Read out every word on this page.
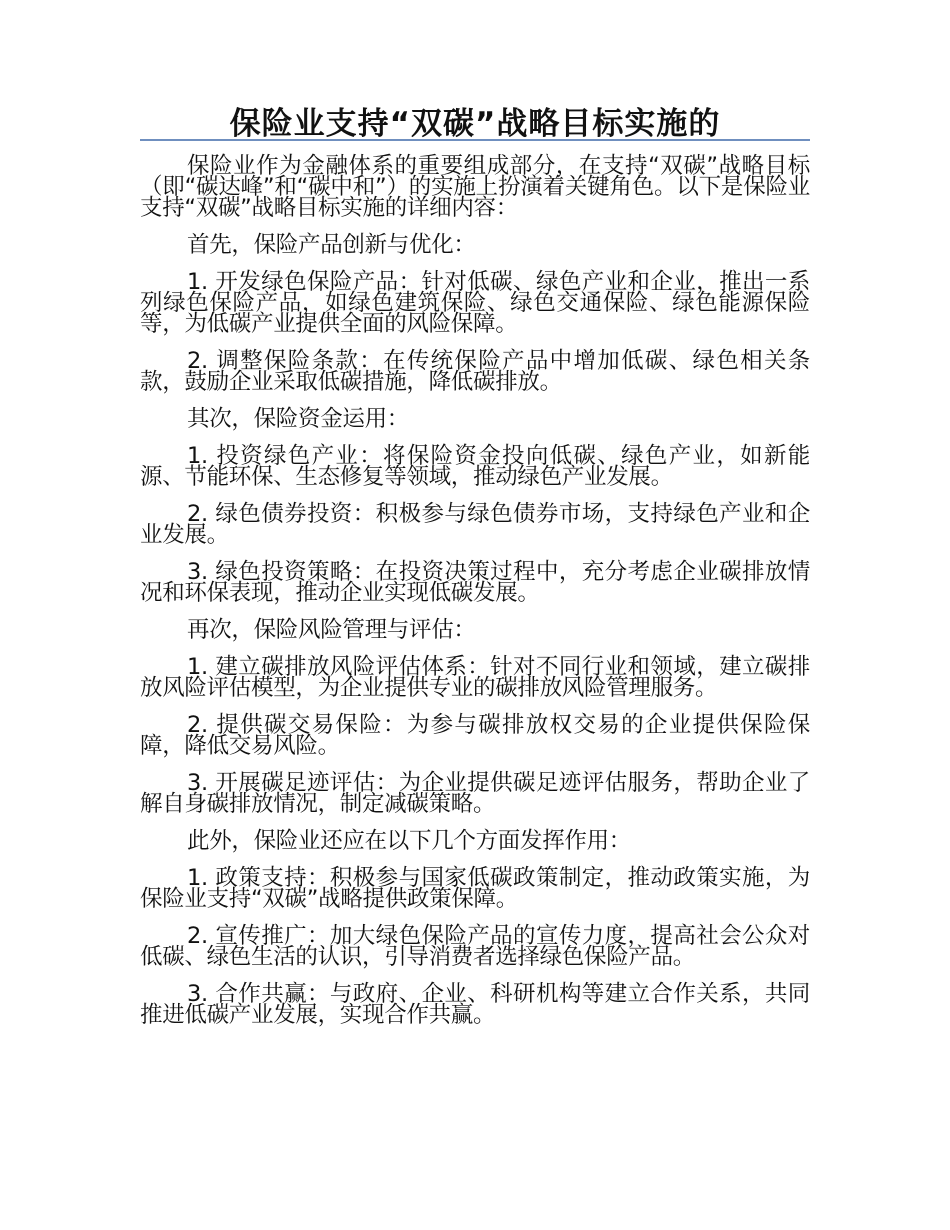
保险业支持“双碳”战略目标实施的

保险业作为金融体系的重要组成部分，在支持“双碳”战略目标（即“碳达峰”和“碳中和”）的实施上扮演着关键角色。以下是保险业支持“双碳”战略目标实施的详细内容：

首先，保险产品创新与优化：

1. 开发绿色保险产品：针对低碳、绿色产业和企业，推出一系列绿色保险产品，如绿色建筑保险、绿色交通保险、绿色能源保险等，为低碳产业提供全面的风险保障。

2. 调整保险条款：在传统保险产品中增加低碳、绿色相关条款，鼓励企业采取低碳措施，降低碳排放。

其次，保险资金运用：

1. 投资绿色产业：将保险资金投向低碳、绿色产业，如新能源、节能环保、生态修复等领域，推动绿色产业发展。

2. 绿色债券投资：积极参与绿色债券市场，支持绿色产业和企业发展。

3. 绿色投资策略：在投资决策过程中，充分考虑企业碳排放情况和环保表现，推动企业实现低碳发展。

再次，保险风险管理与评估：

1. 建立碳排放风险评估体系：针对不同行业和领域，建立碳排放风险评估模型，为企业提供专业的碳排放风险管理服务。

2. 提供碳交易保险：为参与碳排放权交易的企业提供保险保障，降低交易风险。

3. 开展碳足迹评估：为企业提供碳足迹评估服务，帮助企业了解自身碳排放情况，制定减碳策略。

此外，保险业还应在以下几个方面发挥作用：

1. 政策支持：积极参与国家低碳政策制定，推动政策实施，为保险业支持“双碳”战略提供政策保障。

2. 宣传推广：加大绿色保险产品的宣传力度，提高社会公众对低碳、绿色生活的认识，引导消费者选择绿色保险产品。

3. 合作共赢：与政府、企业、科研机构等建立合作关系，共同推进低碳产业发展，实现合作共赢。
